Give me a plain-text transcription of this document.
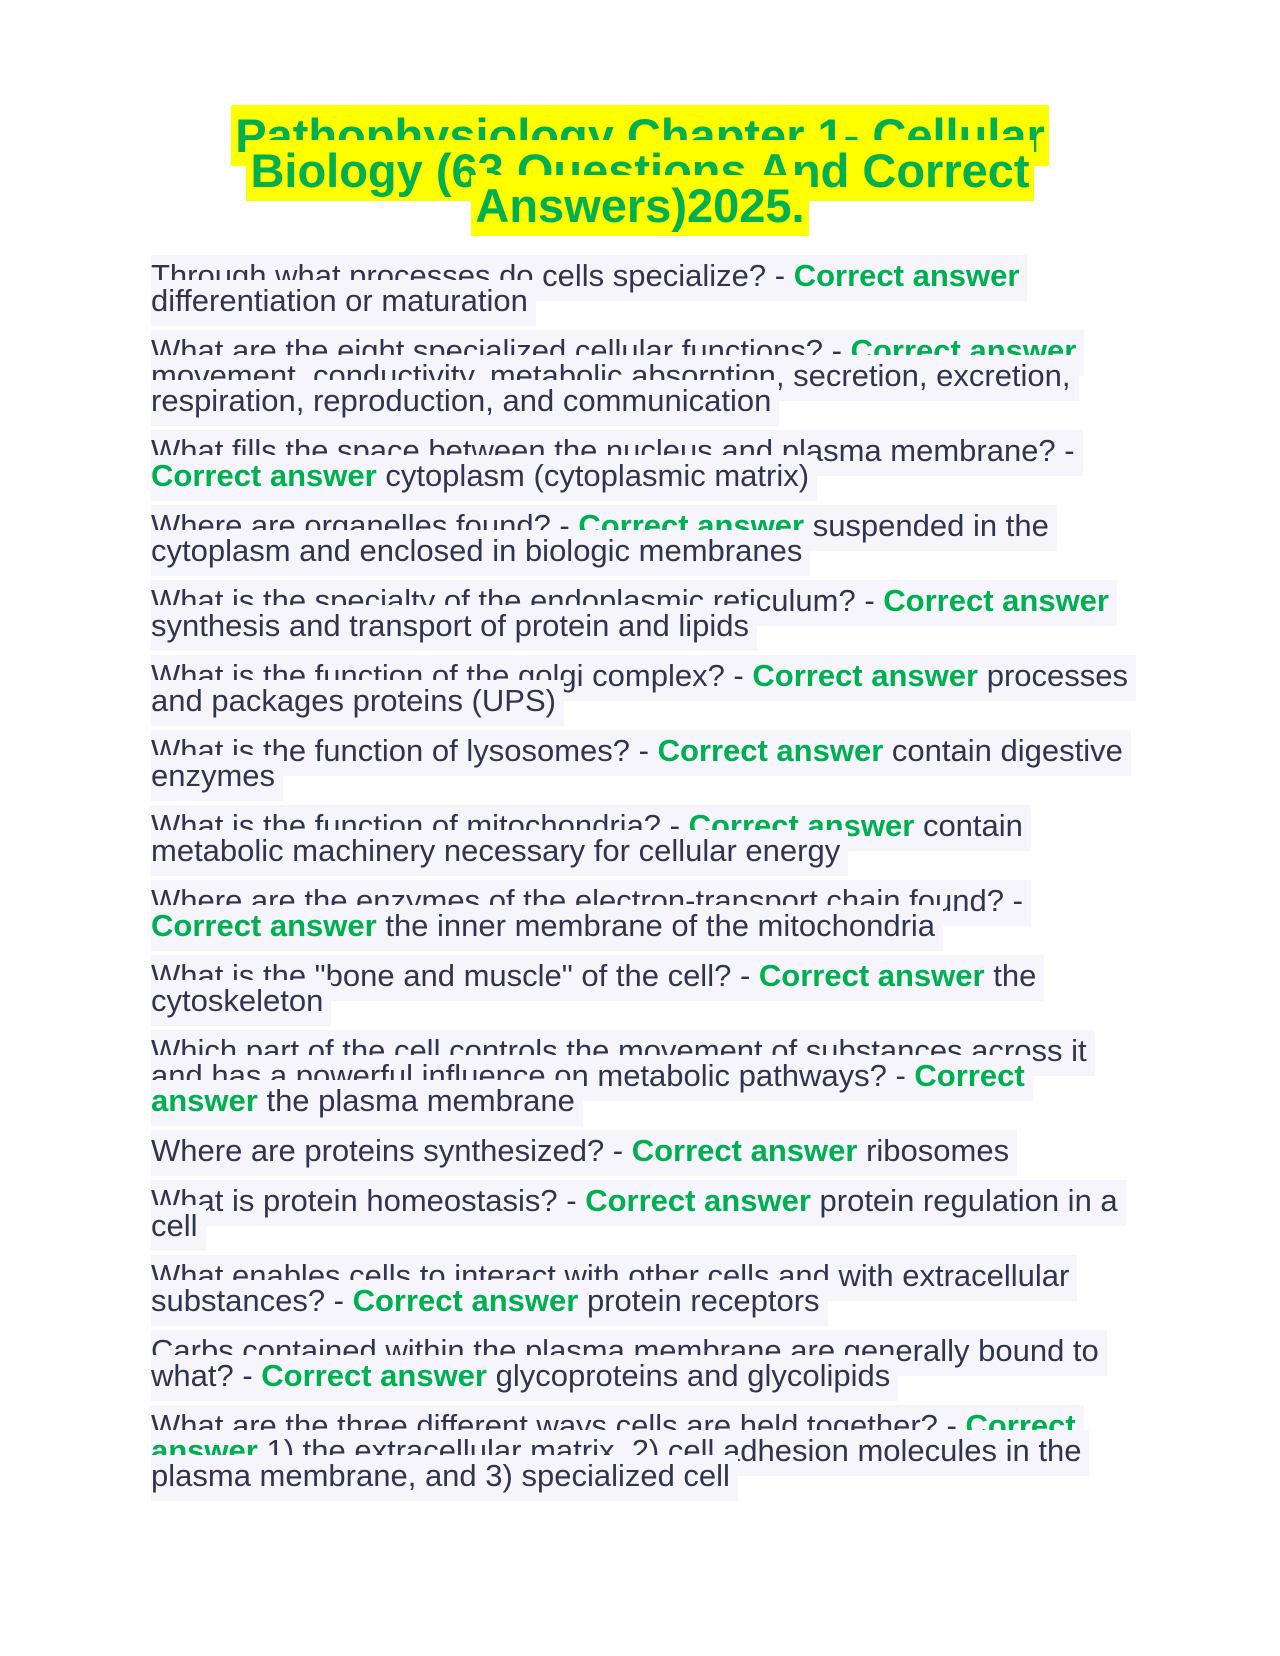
Pathophysiology Chapter 1- Cellular Biology (63 Questions And Correct Answers)2025.

Through what processes do cells specialize? - Correct answer differentiation or maturation

What are the eight specialized cellular functions? - Correct answer movement, conductivity, metabolic absorption, secretion, excretion, respiration, reproduction, and communication

What fills the space between the nucleus and plasma membrane? - Correct answer cytoplasm (cytoplasmic matrix)

Where are organelles found? - Correct answer suspended in the cytoplasm and enclosed in biologic membranes

What is the specialty of the endoplasmic reticulum? - Correct answer synthesis and transport of protein and lipids

What is the function of the golgi complex? - Correct answer processes and packages proteins (UPS)

What is the function of lysosomes? - Correct answer contain digestive enzymes

What is the function of mitochondria? - Correct answer contain metabolic machinery necessary for cellular energy

Where are the enzymes of the electron-transport chain found? - Correct answer the inner membrane of the mitochondria

What is the "bone and muscle" of the cell? - Correct answer the cytoskeleton

Which part of the cell controls the movement of substances across it and has a powerful influence on metabolic pathways? - Correct answer the plasma membrane

Where are proteins synthesized? - Correct answer ribosomes

What is protein homeostasis? - Correct answer protein regulation in a cell

What enables cells to interact with other cells and with extracellular substances? - Correct answer protein receptors

Carbs contained within the plasma membrane are generally bound to what? - Correct answer glycoproteins and glycolipids

What are the three different ways cells are held together? - Correct answer 1) the extracellular matrix, 2) cell adhesion molecules in the plasma membrane, and 3) specialized cell
